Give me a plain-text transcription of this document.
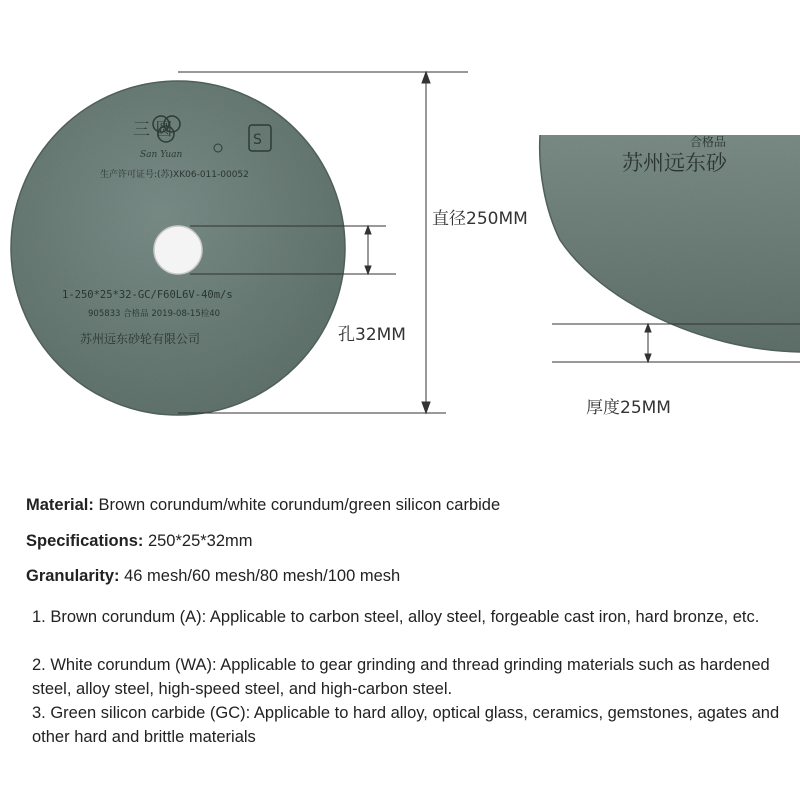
三 圆
San Yuan
S
生产许可证号:(苏)XK06-011-00052
1-250*25*32-GC/F60L6V-40m/s
905833 合格品 2019-08-15检40
苏州远东砂轮有限公司
合格品
苏州远东砂
直径250MM
孔32MM
厚度25MM
Material: Brown corundum/white corundum/green silicon carbide
Specifications: 250*25*32mm
Granularity: 46 mesh/60 mesh/80 mesh/100 mesh
1. Brown corundum (A): Applicable to carbon steel, alloy steel, forgeable cast iron, hard bronze, etc.
2. White corundum (WA): Applicable to gear grinding and thread grinding materials such as hardened steel, alloy steel, high-speed steel, and high-carbon steel.
3. Green silicon carbide (GC): Applicable to hard alloy, optical glass, ceramics, gemstones, agates and other hard and brittle materials
